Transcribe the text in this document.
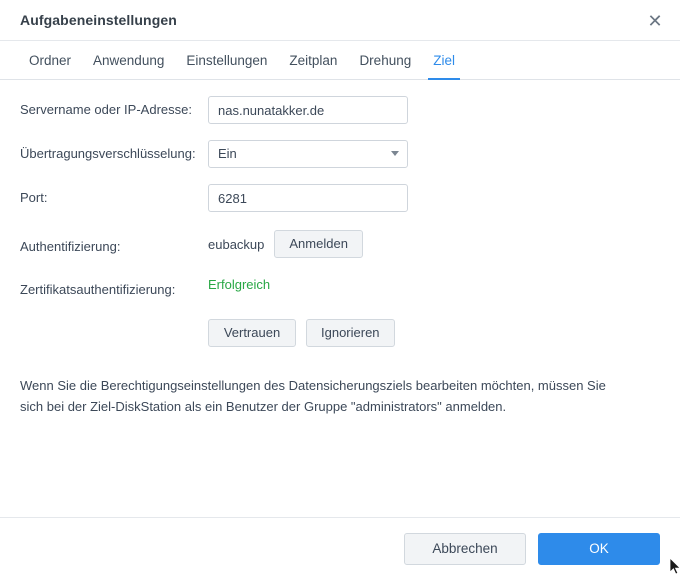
Aufgabeneinstellungen	✕
Ordner	Anwendung	Einstellungen	Zeitplan	Drehung	Ziel
Servername oder IP-Adresse:
nas.nunatakker.de
Übertragungsverschlüsselung:	Ein
Port:
6281
Authentifizierung:	eubackup	Anmelden
Zertifikatsauthentifizierung:	Erfolgreich
Vertrauen	Ignorieren
Wenn Sie die Berechtigungseinstellungen des Datensicherungsziels bearbeiten möchten, müssen Sie sich bei der Ziel-DiskStation als ein Benutzer der Gruppe "administrators" anmelden.
Abbrechen	OK
